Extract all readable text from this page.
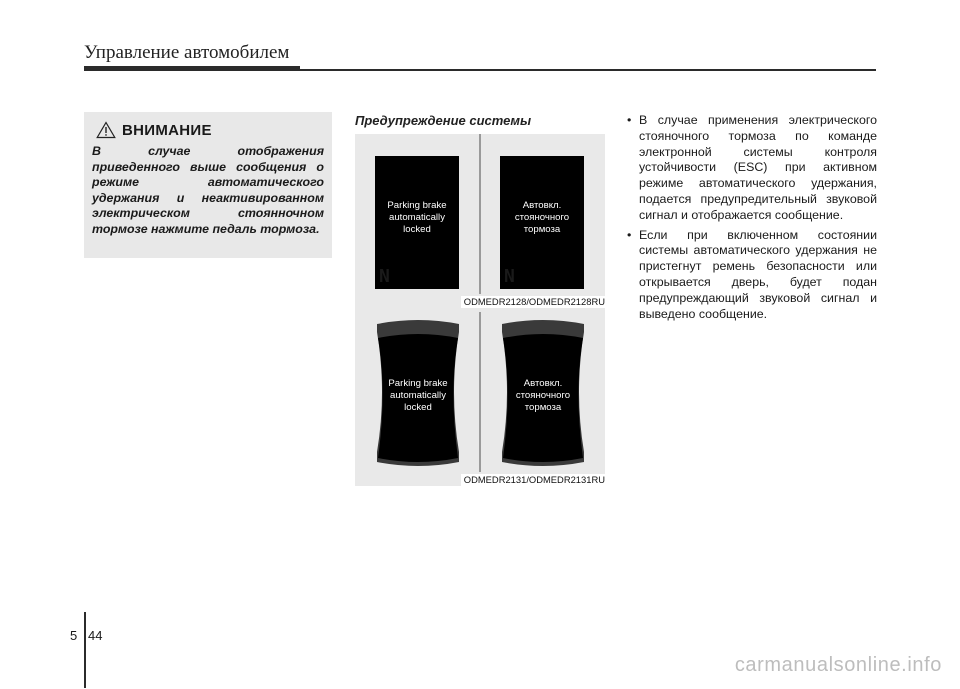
Управление автомобилем
ВНИМАНИЕ
В случае отображения приведенного выше сообщения о режиме автоматического удержания и неактивированном электрическом стоянночном тормозе нажмите педаль тормоза.
Предупреждение системы
Parking brake
automatically
locked
N
Автовкл.
стояночного
тормоза
N
ODMEDR2128/ODMEDR2128RU
Parking brake
automatically
locked
Автовкл.
стояночного
тормоза
ODMEDR2131/ODMEDR2131RU
• В случае применения электрического стояночного тормоза по команде электронной системы контроля устойчивости (ESC) при активном режиме автоматического удержания, подается предупредительный звуковой сигнал и отображается сообщение.
• Если при включенном состоянии системы автоматического удержания не пристегнут ремень безопасности или открывается дверь, будет подан предупреждающий звуковой сигнал и выведено сообщение.
5 44
carmanualsonline.info
